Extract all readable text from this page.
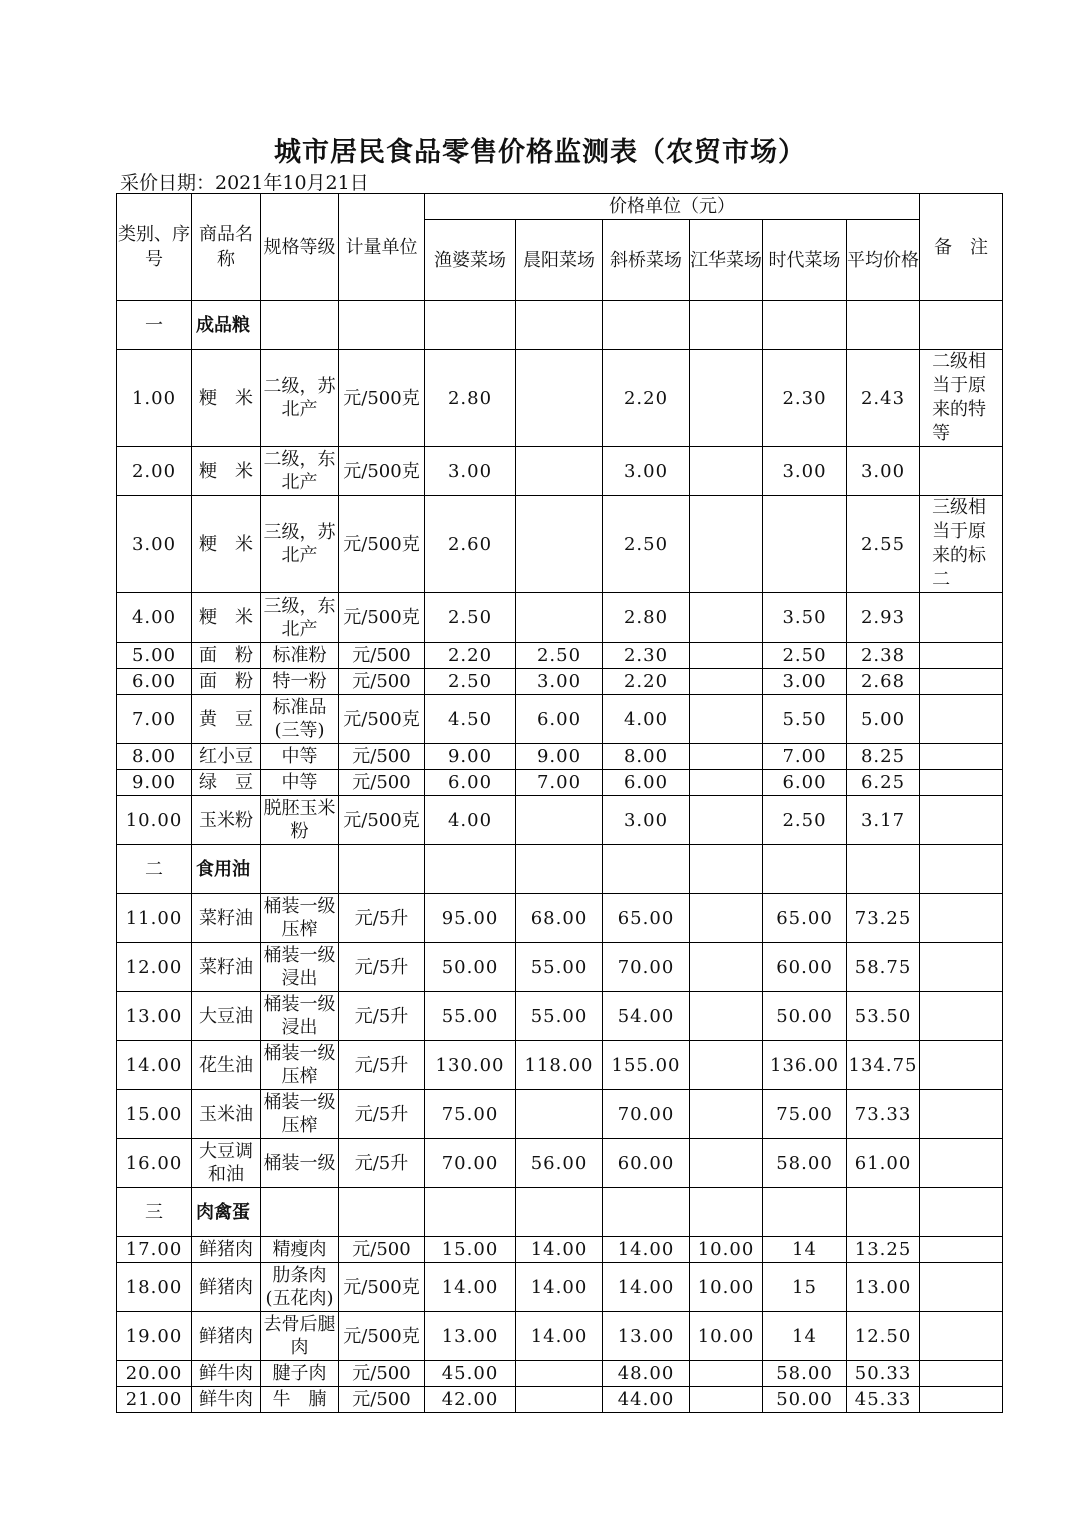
城市居民食品零售价格监测表（农贸市场）
采价日期：2021年10月21日
类别、序号	商品名称	规格等级	计量单位	价格单位（元）						备　注
				渔婆菜场	晨阳菜场	斜桥菜场	江华菜场	时代菜场	平均价格	
一	成品粮									
1.00	粳　米	二级，苏北产	元/500克	2.80		2.20		2.30	2.43	二级相当于原来的特等

2.00	粳　米	二级，东北产	元/500克	3.00		3.00		3.00	3.00	

3.00	粳　米	三级，苏北产	元/500克	2.60		2.50			2.55	三级相当于原来的标二

4.00	粳　米	三级，东北产	元/500克	2.50		2.80		3.50	2.93	

5.00	面　粉	标准粉	元/500	2.20	2.50	2.30		2.50	2.38	

6.00	面　粉	特一粉	元/500	2.50	3.00	2.20		3.00	2.68	

7.00	黄　豆	标准品(三等)	元/500克	4.50	6.00	4.00		5.50	5.00	

8.00	红小豆	中等	元/500	9.00	9.00	8.00		7.00	8.25	

9.00	绿　豆	中等	元/500	6.00	7.00	6.00		6.00	6.25	

10.00	玉米粉	脱胚玉米粉	元/500克	4.00		3.00		2.50	3.17	

二	食用油									
11.00	菜籽油	桶装一级压榨	元/5升	95.00	68.00	65.00		65.00	73.25	

12.00	菜籽油	桶装一级浸出	元/5升	50.00	55.00	70.00		60.00	58.75	

13.00	大豆油	桶装一级浸出	元/5升	55.00	55.00	54.00		50.00	53.50	

14.00	花生油	桶装一级压榨	元/5升	130.00	118.00	155.00		136.00	134.75	

15.00	玉米油	桶装一级压榨	元/5升	75.00		70.00		75.00	73.33	

16.00	大豆调和油	桶装一级	元/5升	70.00	56.00	60.00		58.00	61.00	

三	肉禽蛋									
17.00	鲜猪肉	精瘦肉	元/500	15.00	14.00	14.00	10.00	14	13.25	

18.00	鲜猪肉	肋条肉(五花肉)	元/500克	14.00	14.00	14.00	10.00	15	13.00	

19.00	鲜猪肉	去骨后腿肉	元/500克	13.00	14.00	13.00	10.00	14	12.50	

20.00	鲜牛肉	腱子肉	元/500	45.00		48.00		58.00	50.33	

21.00	鲜牛肉	牛　腩	元/500	42.00		44.00		50.00	45.33	
